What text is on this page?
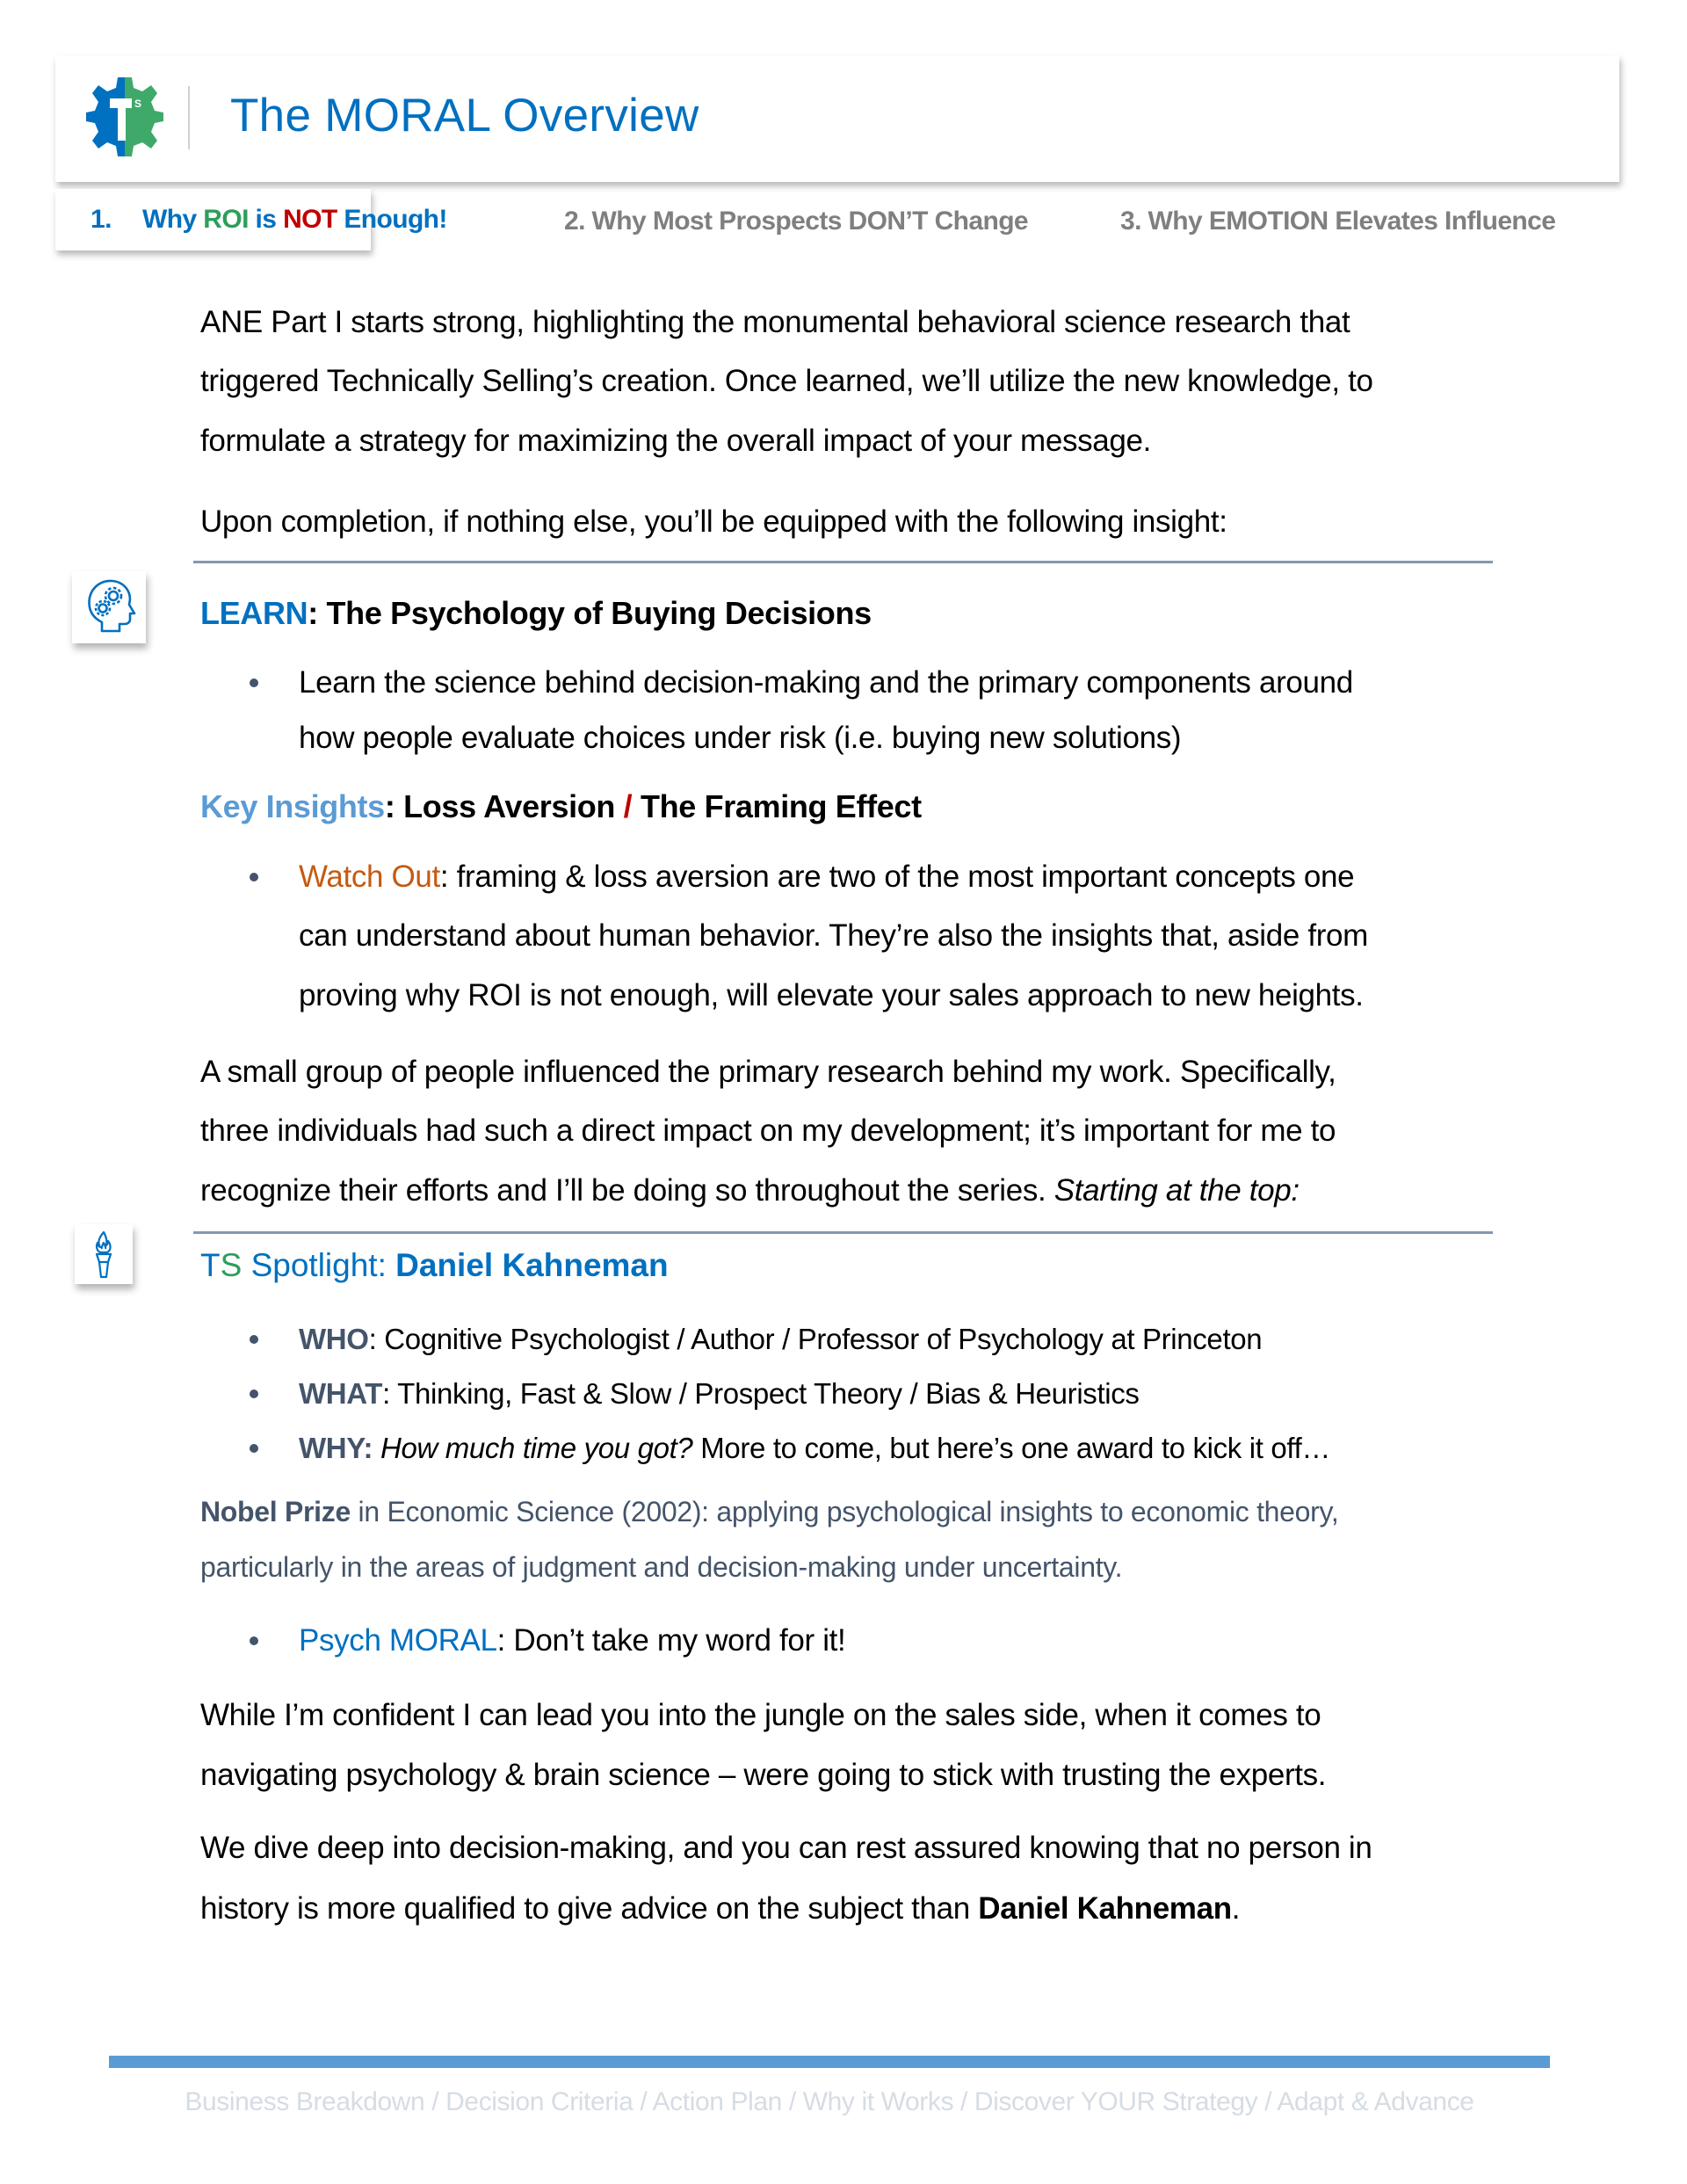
S The MORAL Overview
1. Why ROI is NOT Enough!	2. Why Most Prospects DON’T Change	3. Why EMOTION Elevates Influence
ANE Part I starts strong, highlighting the monumental behavioral science research that
triggered Technically Selling’s creation. Once learned, we’ll utilize the new knowledge, to
formulate a strategy for maximizing the overall impact of your message.
Upon completion, if nothing else, you’ll be equipped with the following insight:
LEARN: The Psychology of Buying Decisions
Learn the science behind decision-making and the primary components around
how people evaluate choices under risk (i.e. buying new solutions)
Key Insights: Loss Aversion / The Framing Effect
Watch Out: framing & loss aversion are two of the most important concepts one
can understand about human behavior. They’re also the insights that, aside from
proving why ROI is not enough, will elevate your sales approach to new heights.
A small group of people influenced the primary research behind my work. Specifically,
three individuals had such a direct impact on my development; it’s important for me to
recognize their efforts and I’ll be doing so throughout the series. Starting at the top:
TS Spotlight: Daniel Kahneman
WHO: Cognitive Psychologist / Author / Professor of Psychology at Princeton
WHAT: Thinking, Fast & Slow / Prospect Theory / Bias & Heuristics
WHY: How much time you got? More to come, but here’s one award to kick it off…
Nobel Prize in Economic Science (2002): applying psychological insights to economic theory,
particularly in the areas of judgment and decision-making under uncertainty.
Psych MORAL: Don’t take my word for it!
While I’m confident I can lead you into the jungle on the sales side, when it comes to
navigating psychology & brain science – were going to stick with trusting the experts.
We dive deep into decision-making, and you can rest assured knowing that no person in
history is more qualified to give advice on the subject than Daniel Kahneman.
Business Breakdown / Decision Criteria / Action Plan / Why it Works / Discover YOUR Strategy / Adapt & Advance
